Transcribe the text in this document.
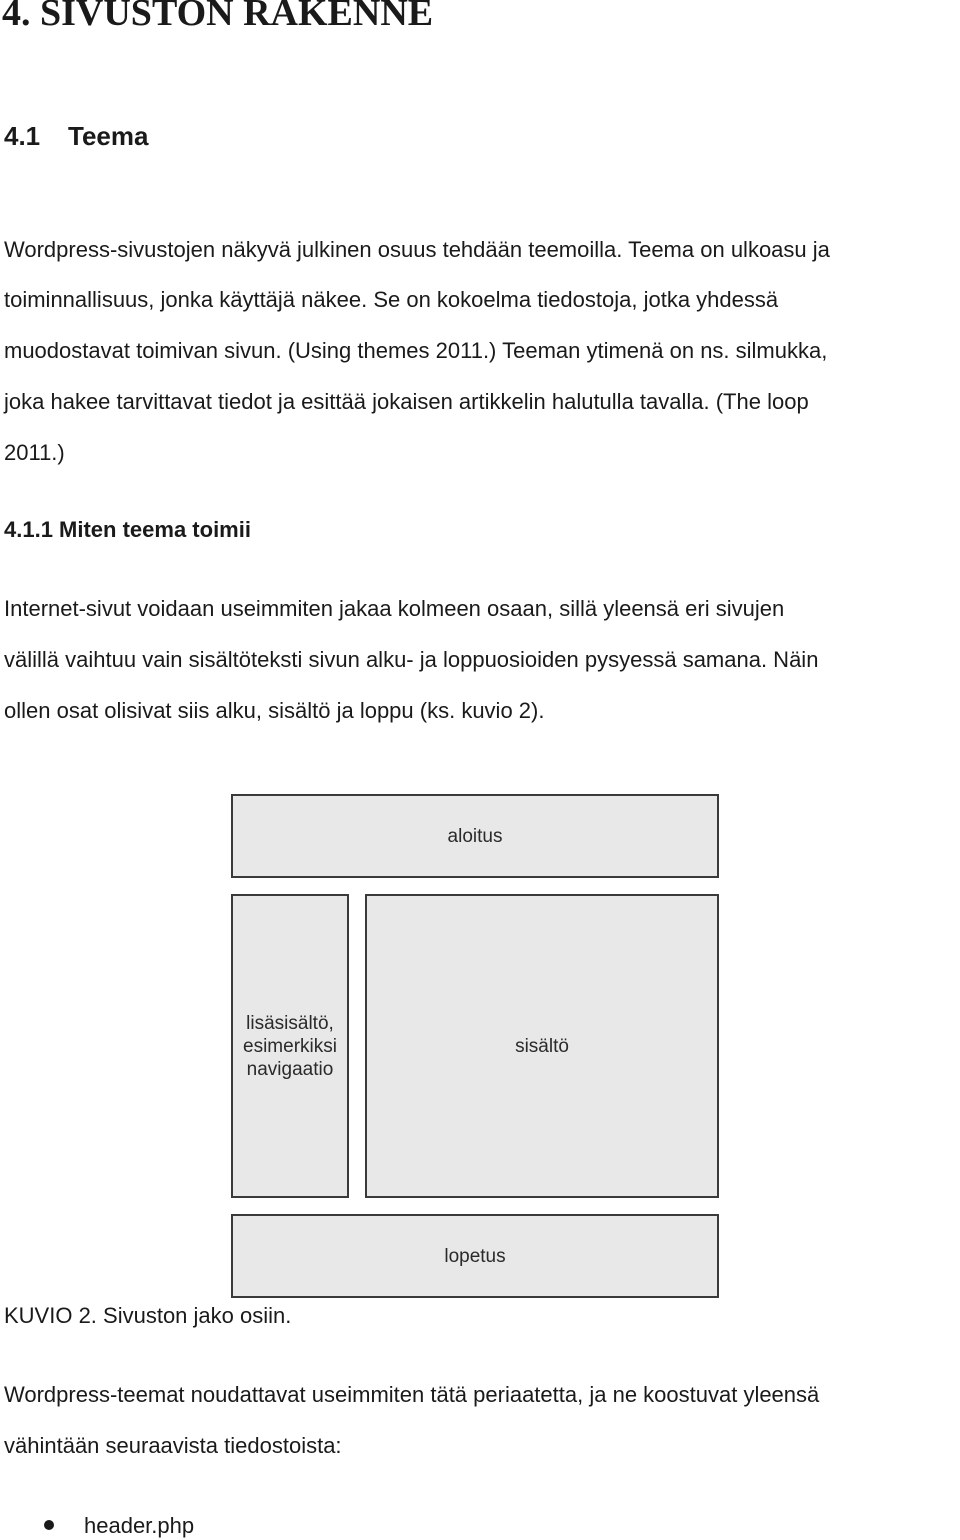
4. SIVUSTON RAKENNE
4.1 Teema
Wordpress-sivustojen näkyvä julkinen osuus tehdään teemoilla. Teema on ulkoasu ja
toiminnallisuus, jonka käyttäjä näkee. Se on kokoelma tiedostoja, jotka yhdessä
muodostavat toimivan sivun. (Using themes 2011.) Teeman ytimenä on ns. silmukka,
joka hakee tarvittavat tiedot ja esittää jokaisen artikkelin halutulla tavalla. (The loop
2011.)
4.1.1 Miten teema toimii
Internet-sivut voidaan useimmiten jakaa kolmeen osaan, sillä yleensä eri sivujen
välillä vaihtuu vain sisältöteksti sivun alku- ja loppuosioiden pysyessä samana. Näin
ollen osat olisivat siis alku, sisältö ja loppu (ks. kuvio 2).
aloitus
lisäsisältö,
esimerkiksi
navigaatio
sisältö
lopetus
KUVIO 2. Sivuston jako osiin.
Wordpress-teemat noudattavat useimmiten tätä periaatetta, ja ne koostuvat yleensä
vähintään seuraavista tiedostoista:
header.php
